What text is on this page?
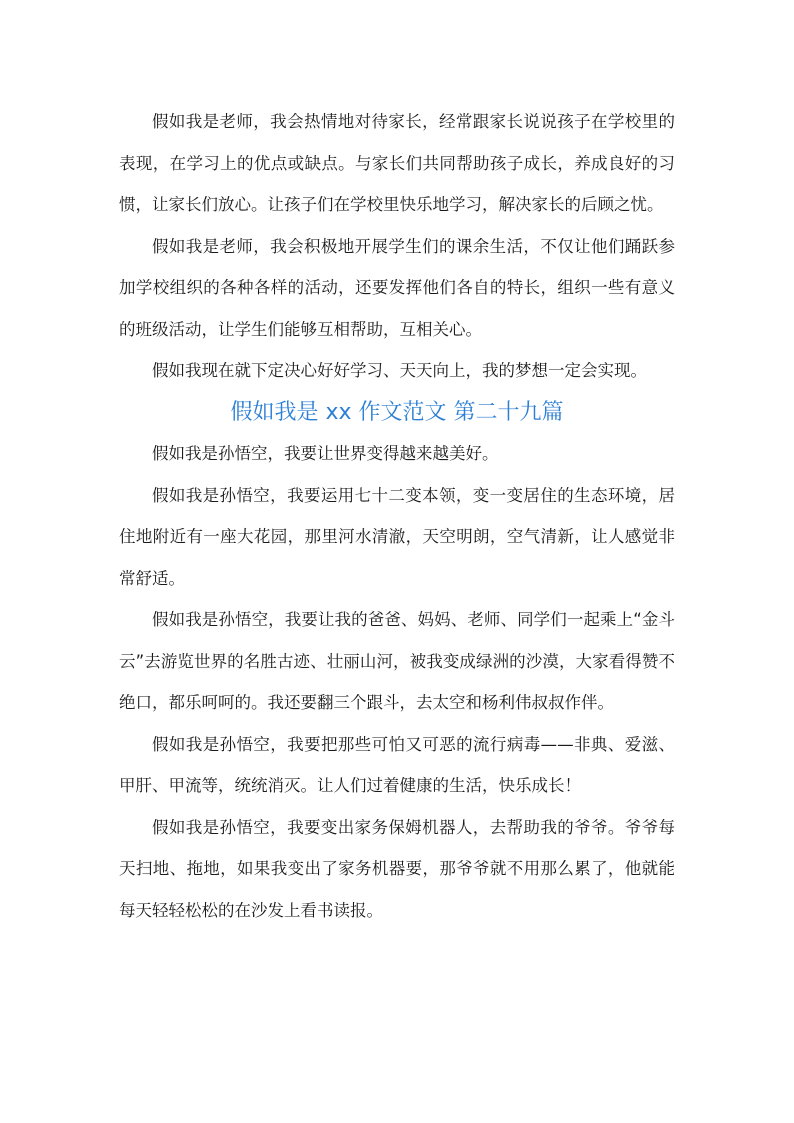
假如我是老师，我会热情地对待家长，经常跟家长说说孩子在学校里的表现，在学习上的优点或缺点。与家长们共同帮助孩子成长，养成良好的习惯，让家长们放心。让孩子们在学校里快乐地学习，解决家长的后顾之忧。

假如我是老师，我会积极地开展学生们的课余生活，不仅让他们踊跃参加学校组织的各种各样的活动，还要发挥他们各自的特长，组织一些有意义的班级活动，让学生们能够互相帮助，互相关心。

假如我现在就下定决心好好学习、天天向上，我的梦想一定会实现。

假如我是 xx 作文范文 第二十九篇

假如我是孙悟空，我要让世界变得越来越美好。

假如我是孙悟空，我要运用七十二变本领，变一变居住的生态环境，居住地附近有一座大花园，那里河水清澈，天空明朗，空气清新，让人感觉非常舒适。

假如我是孙悟空，我要让我的爸爸、妈妈、老师、同学们一起乘上“金斗云”去游览世界的名胜古迹、壮丽山河，被我变成绿洲的沙漠，大家看得赞不绝口，都乐呵呵的。我还要翻三个跟斗，去太空和杨利伟叔叔作伴。

假如我是孙悟空，我要把那些可怕又可恶的流行病毒——非典、爱滋、甲肝、甲流等，统统消灭。让人们过着健康的生活，快乐成长！

假如我是孙悟空，我要变出家务保姆机器人，去帮助我的爷爷。爷爷每天扫地、拖地，如果我变出了家务机器要，那爷爷就不用那么累了，他就能每天轻轻松松的在沙发上看书读报。
